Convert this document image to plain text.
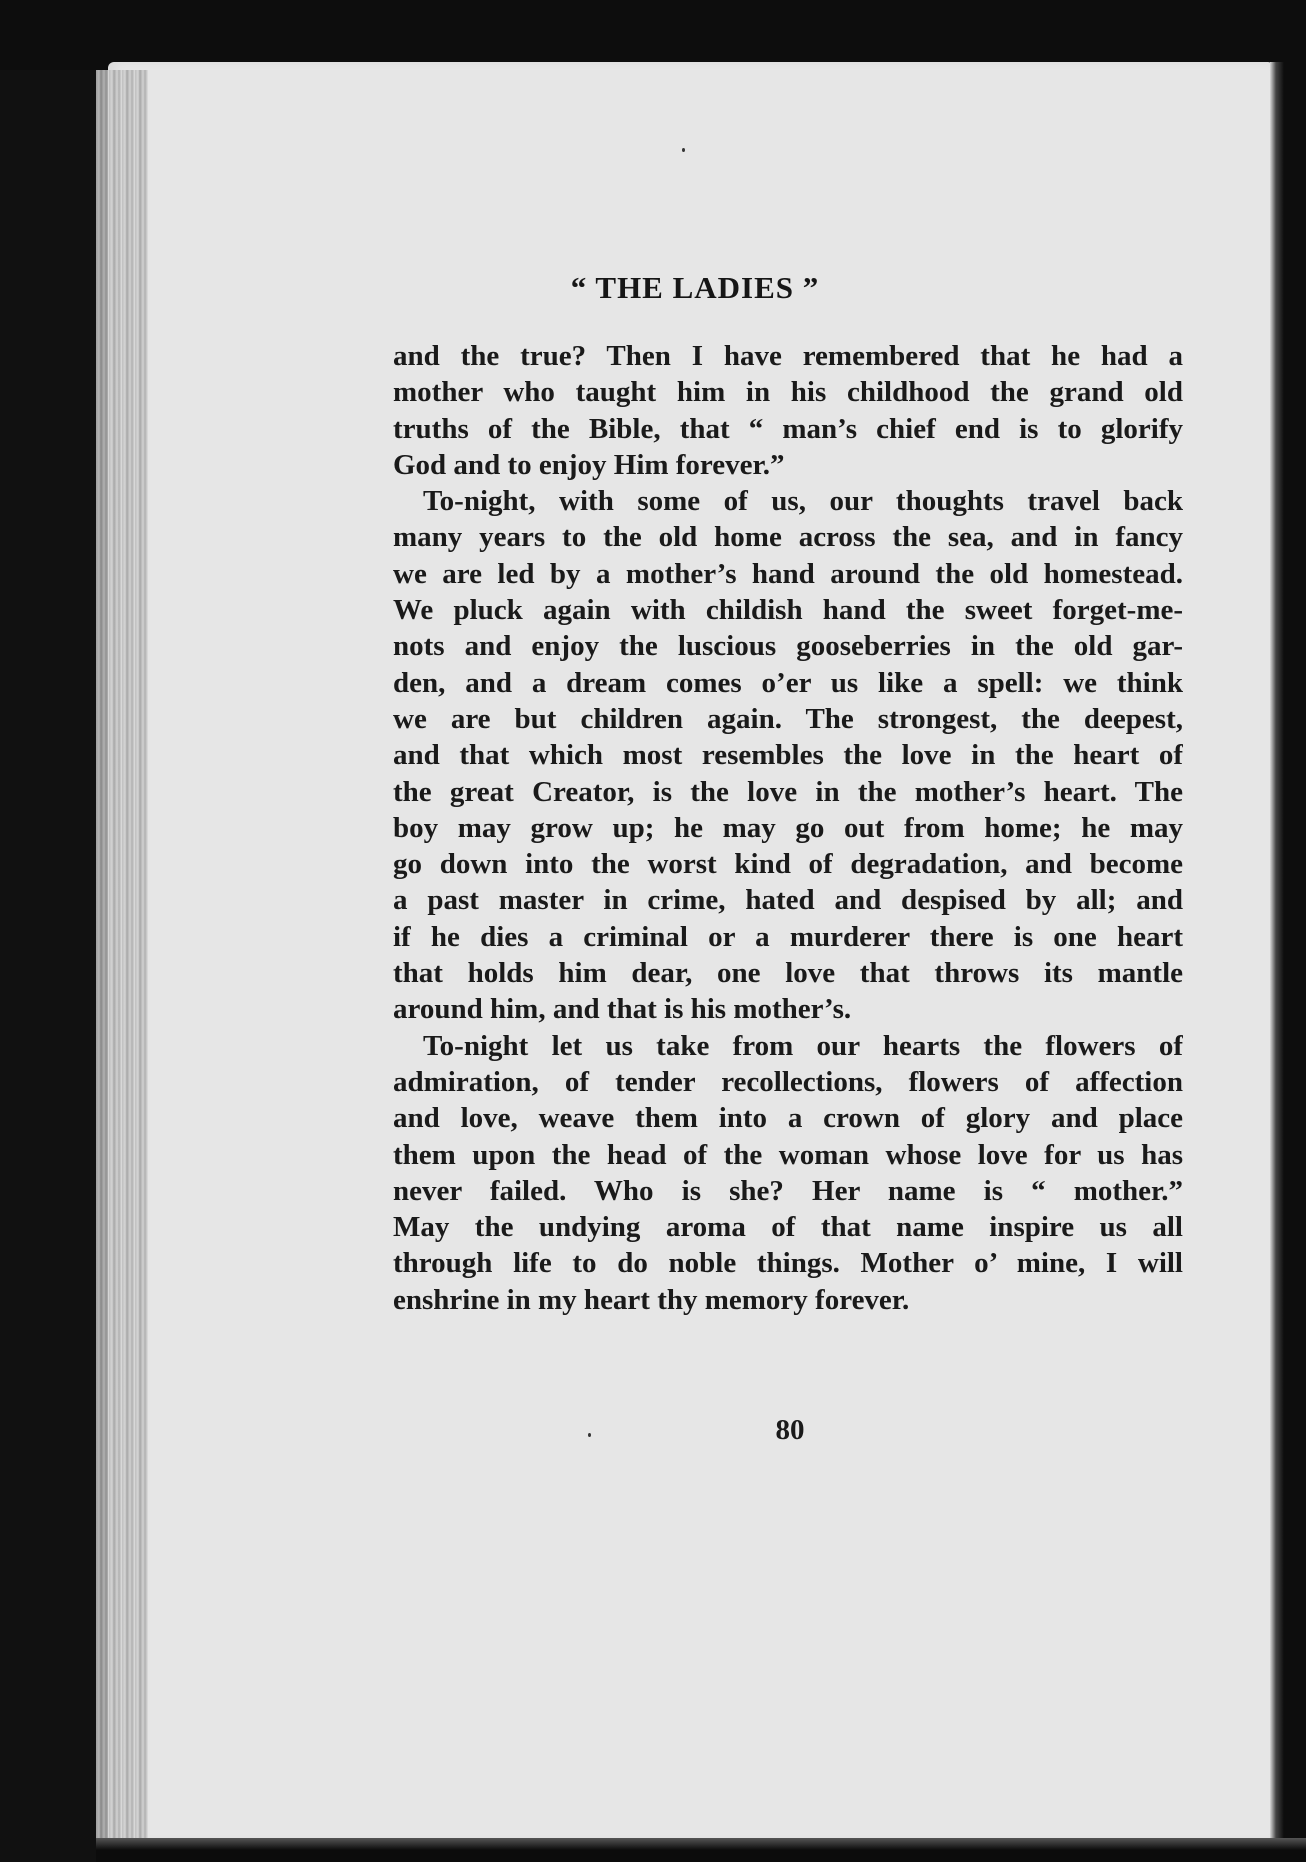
“ THE LADIES ”
and the true? Then I have remembered that he had a
mother who taught him in his childhood the grand old
truths of the Bible, that “ man’s chief end is to glorify
God and to enjoy Him forever.”
To-night, with some of us, our thoughts travel back
many years to the old home across the sea, and in fancy
we are led by a mother’s hand around the old homestead.
We pluck again with childish hand the sweet forget-me-
nots and enjoy the luscious gooseberries in the old gar-
den, and a dream comes o’er us like a spell: we think
we are but children again. The strongest, the deepest,
and that which most resembles the love in the heart of
the great Creator, is the love in the mother’s heart. The
boy may grow up; he may go out from home; he may
go down into the worst kind of degradation, and become
a past master in crime, hated and despised by all; and
if he dies a criminal or a murderer there is one heart
that holds him dear, one love that throws its mantle
around him, and that is his mother’s.
To-night let us take from our hearts the flowers of
admiration, of tender recollections, flowers of affection
and love, weave them into a crown of glory and place
them upon the head of the woman whose love for us has
never failed. Who is she? Her name is “ mother.”
May the undying aroma of that name inspire us all
through life to do noble things. Mother o’ mine, I will
enshrine in my heart thy memory forever.
80
